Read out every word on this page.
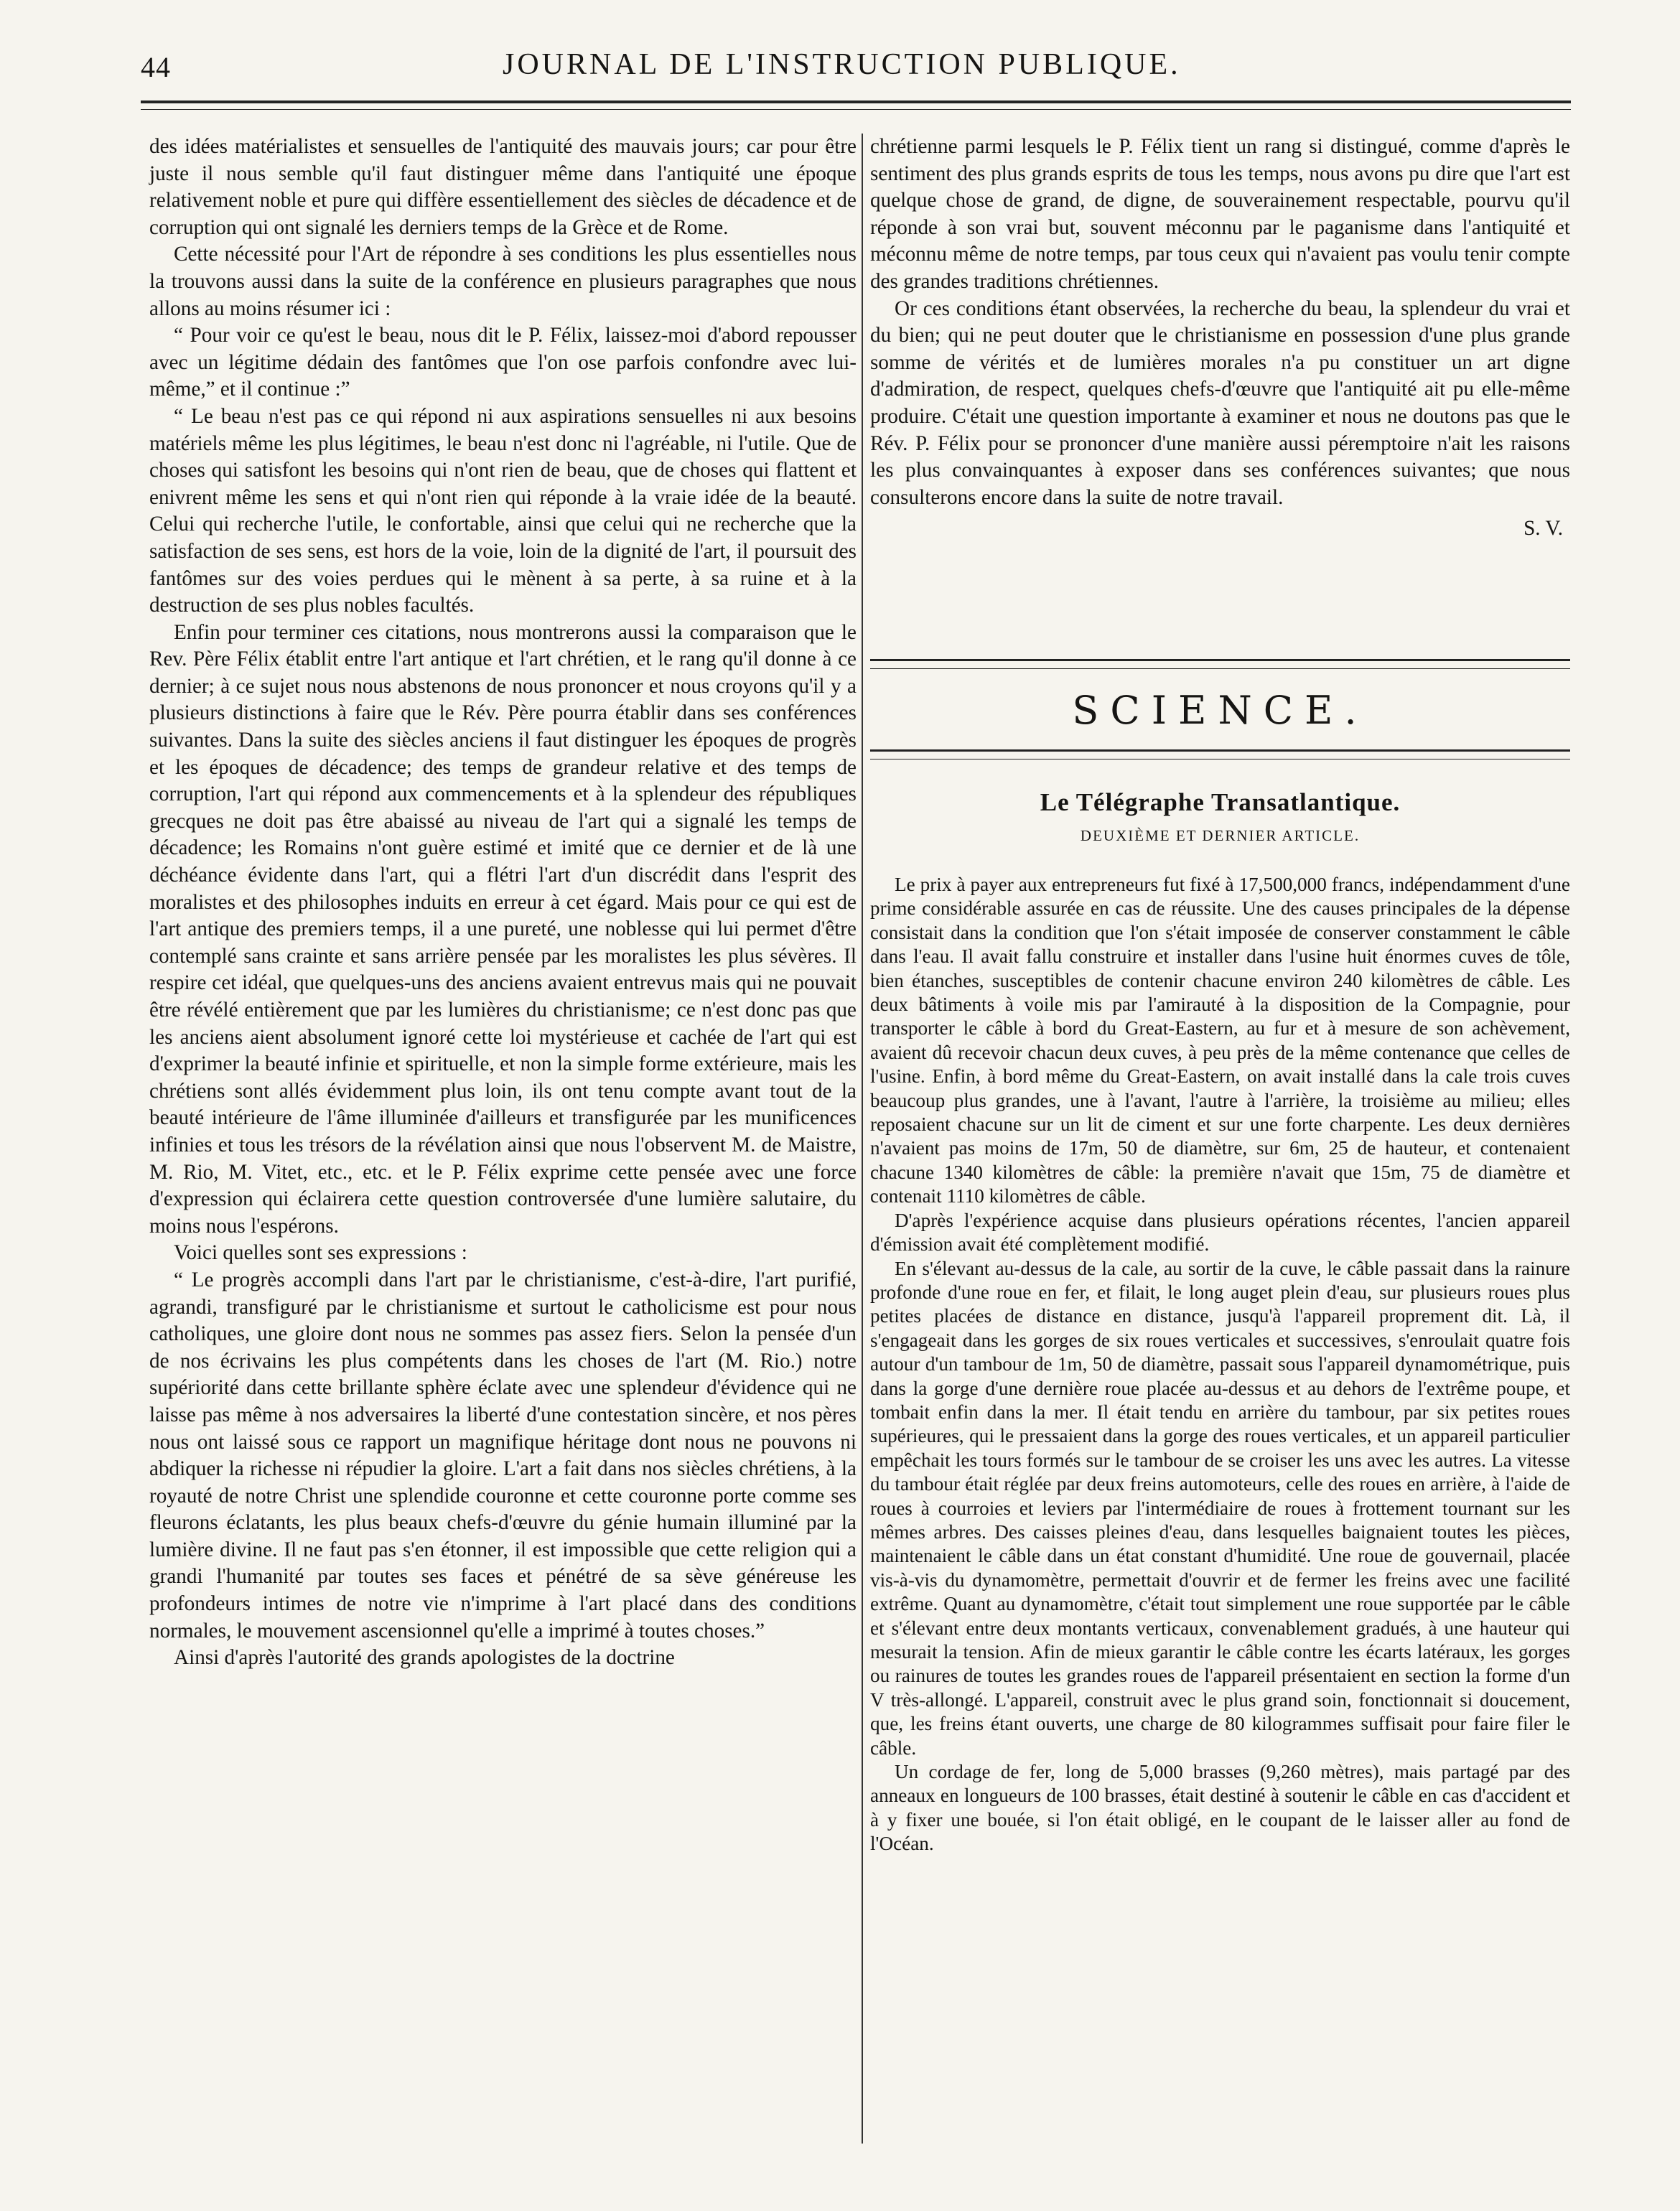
44	JOURNAL DE L'INSTRUCTION PUBLIQUE.

des idées matérialistes et sensuelles de l'antiquité des mauvais jours; car pour être juste il nous semble qu'il faut distinguer même dans l'antiquité une époque relativement noble et pure qui diffère essentiellement des siècles de décadence et de corruption qui ont signalé les derniers temps de la Grèce et de Rome.

Cette nécessité pour l'Art de répondre à ses conditions les plus essentielles nous la trouvons aussi dans la suite de la conférence en plusieurs paragraphes que nous allons au moins résumer ici :

“ Pour voir ce qu'est le beau, nous dit le P. Félix, laissez-moi d'abord repousser avec un légitime dédain des fantômes que l'on ose parfois confondre avec lui-même,” et il continue :”

“ Le beau n'est pas ce qui répond ni aux aspirations sensuelles ni aux besoins matériels même les plus légitimes, le beau n'est donc ni l'agréable, ni l'utile. Que de choses qui satisfont les besoins qui n'ont rien de beau, que de choses qui flattent et enivrent même les sens et qui n'ont rien qui réponde à la vraie idée de la beauté. Celui qui recherche l'utile, le confortable, ainsi que celui qui ne recherche que la satisfaction de ses sens, est hors de la voie, loin de la dignité de l'art, il poursuit des fantômes sur des voies perdues qui le mènent à sa perte, à sa ruine et à la destruction de ses plus nobles facultés.

Enfin pour terminer ces citations, nous montrerons aussi la comparaison que le Rev. Père Félix établit entre l'art antique et l'art chrétien, et le rang qu'il donne à ce dernier; à ce sujet nous nous abstenons de nous prononcer et nous croyons qu'il y a plusieurs distinctions à faire que le Rév. Père pourra établir dans ses conférences suivantes. Dans la suite des siècles anciens il faut distinguer les époques de progrès et les époques de décadence; des temps de grandeur relative et des temps de corruption, l'art qui répond aux commencements et à la splendeur des républiques grecques ne doit pas être abaissé au niveau de l'art qui a signalé les temps de décadence; les Romains n'ont guère estimé et imité que ce dernier et de là une déchéance évidente dans l'art, qui a flétri l'art d'un discrédit dans l'esprit des moralistes et des philosophes induits en erreur à cet égard. Mais pour ce qui est de l'art antique des premiers temps, il a une pureté, une noblesse qui lui permet d'être contemplé sans crainte et sans arrière pensée par les moralistes les plus sévères. Il respire cet idéal, que quelques-uns des anciens avaient entrevus mais qui ne pouvait être révélé entièrement que par les lumières du christianisme; ce n'est donc pas que les anciens aient absolument ignoré cette loi mystérieuse et cachée de l'art qui est d'exprimer la beauté infinie et spirituelle, et non la simple forme extérieure, mais les chrétiens sont allés évidemment plus loin, ils ont tenu compte avant tout de la beauté intérieure de l'âme illuminée d'ailleurs et transfigurée par les munificences infinies et tous les trésors de la révélation ainsi que nous l'observent M. de Maistre, M. Rio, M. Vitet, etc., etc. et le P. Félix exprime cette pensée avec une force d'expression qui éclairera cette question controversée d'une lumière salutaire, du moins nous l'espérons.

Voici quelles sont ses expressions :

“ Le progrès accompli dans l'art par le christianisme, c'est-à-dire, l'art purifié, agrandi, transfiguré par le christianisme et surtout le catholicisme est pour nous catholiques, une gloire dont nous ne sommes pas assez fiers. Selon la pensée d'un de nos écrivains les plus compétents dans les choses de l'art (M. Rio.) notre supériorité dans cette brillante sphère éclate avec une splendeur d'évidence qui ne laisse pas même à nos adversaires la liberté d'une contestation sincère, et nos pères nous ont laissé sous ce rapport un magnifique héritage dont nous ne pouvons ni abdiquer la richesse ni répudier la gloire. L'art a fait dans nos siècles chrétiens, à la royauté de notre Christ une splendide couronne et cette couronne porte comme ses fleurons éclatants, les plus beaux chefs-d'œuvre du génie humain illuminé par la lumière divine. Il ne faut pas s'en étonner, il est impossible que cette religion qui a grandi l'humanité par toutes ses faces et pénétré de sa sève généreuse les profondeurs intimes de notre vie n'imprime à l'art placé dans des conditions normales, le mouvement ascensionnel qu'elle a imprimé à toutes choses.”

Ainsi d'après l'autorité des grands apologistes de la doctrine

chrétienne parmi lesquels le P. Félix tient un rang si distingué, comme d'après le sentiment des plus grands esprits de tous les temps, nous avons pu dire que l'art est quelque chose de grand, de digne, de souverainement respectable, pourvu qu'il réponde à son vrai but, souvent méconnu par le paganisme dans l'antiquité et méconnu même de notre temps, par tous ceux qui n'avaient pas voulu tenir compte des grandes traditions chrétiennes.

Or ces conditions étant observées, la recherche du beau, la splendeur du vrai et du bien; qui ne peut douter que le christianisme en possession d'une plus grande somme de vérités et de lumières morales n'a pu constituer un art digne d'admiration, de respect, quelques chefs-d'œuvre que l'antiquité ait pu elle-même produire. C'était une question importante à examiner et nous ne doutons pas que le Rév. P. Félix pour se prononcer d'une manière aussi péremptoire n'ait les raisons les plus convainquantes à exposer dans ses conférences suivantes; que nous consulterons encore dans la suite de notre travail.

S. V.

SCIENCE.
Le Télégraphe Transatlantique.
DEUXIÈME ET DERNIER ARTICLE.

Le prix à payer aux entrepreneurs fut fixé à 17,500,000 francs, indépendamment d'une prime considérable assurée en cas de réussite. Une des causes principales de la dépense consistait dans la condition que l'on s'était imposée de conserver constamment le câble dans l'eau. Il avait fallu construire et installer dans l'usine huit énormes cuves de tôle, bien étanches, susceptibles de contenir chacune environ 240 kilomètres de câble. Les deux bâtiments à voile mis par l'amirauté à la disposition de la Compagnie, pour transporter le câble à bord du Great-Eastern, au fur et à mesure de son achèvement, avaient dû recevoir chacun deux cuves, à peu près de la même contenance que celles de l'usine. Enfin, à bord même du Great-Eastern, on avait installé dans la cale trois cuves beaucoup plus grandes, une à l'avant, l'autre à l'arrière, la troisième au milieu; elles reposaient chacune sur un lit de ciment et sur une forte charpente. Les deux dernières n'avaient pas moins de 17m, 50 de diamètre, sur 6m, 25 de hauteur, et contenaient chacune 1340 kilomètres de câble: la première n'avait que 15m, 75 de diamètre et contenait 1110 kilomètres de câble.

D'après l'expérience acquise dans plusieurs opérations récentes, l'ancien appareil d'émission avait été complètement modifié.

En s'élevant au-dessus de la cale, au sortir de la cuve, le câble passait dans la rainure profonde d'une roue en fer, et filait, le long auget plein d'eau, sur plusieurs roues plus petites placées de distance en distance, jusqu'à l'appareil proprement dit. Là, il s'engageait dans les gorges de six roues verticales et successives, s'enroulait quatre fois autour d'un tambour de 1m, 50 de diamètre, passait sous l'appareil dynamométrique, puis dans la gorge d'une dernière roue placée au-dessus et au dehors de l'extrême poupe, et tombait enfin dans la mer. Il était tendu en arrière du tambour, par six petites roues supérieures, qui le pressaient dans la gorge des roues verticales, et un appareil particulier empêchait les tours formés sur le tambour de se croiser les uns avec les autres. La vitesse du tambour était réglée par deux freins automoteurs, celle des roues en arrière, à l'aide de roues à courroies et leviers par l'intermédiaire de roues à frottement tournant sur les mêmes arbres. Des caisses pleines d'eau, dans lesquelles baignaient toutes les pièces, maintenaient le câble dans un état constant d'humidité. Une roue de gouvernail, placée vis-à-vis du dynamomètre, permettait d'ouvrir et de fermer les freins avec une facilité extrême. Quant au dynamomètre, c'était tout simplement une roue supportée par le câble et s'élevant entre deux montants verticaux, convenablement gradués, à une hauteur qui mesurait la tension. Afin de mieux garantir le câble contre les écarts latéraux, les gorges ou rainures de toutes les grandes roues de l'appareil présentaient en section la forme d'un V très-allongé. L'appareil, construit avec le plus grand soin, fonctionnait si doucement, que, les freins étant ouverts, une charge de 80 kilogrammes suffisait pour faire filer le câble.

Un cordage de fer, long de 5,000 brasses (9,260 mètres), mais partagé par des anneaux en longueurs de 100 brasses, était destiné à soutenir le câble en cas d'accident et à y fixer une bouée, si l'on était obligé, en le coupant de le laisser aller au fond de l'Océan.
